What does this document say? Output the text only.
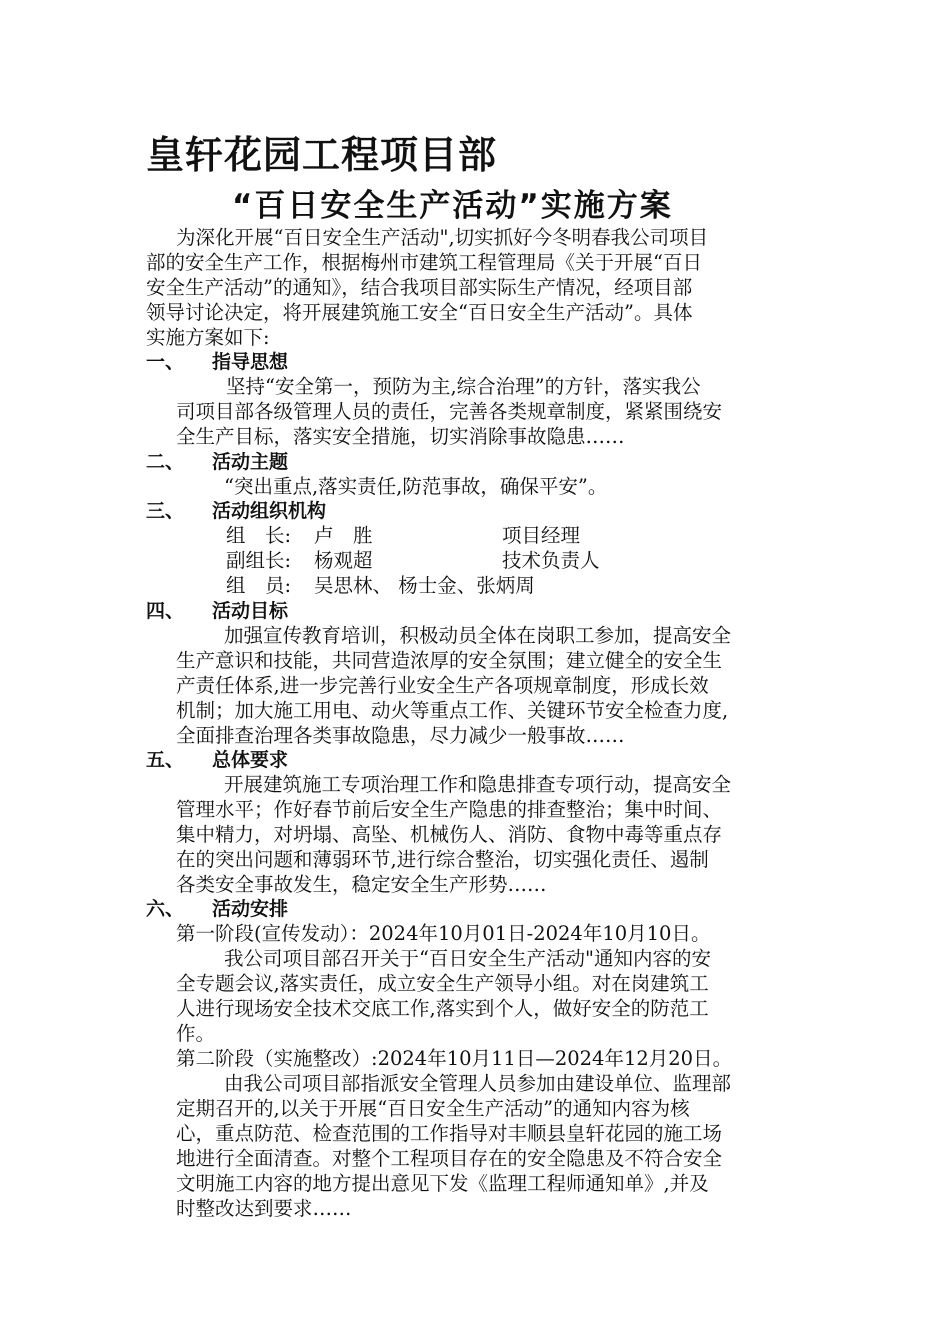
皇轩花园工程项目部
“百日安全生产活动”实施方案
为深化开展“百日安全生产活动",切实抓好今冬明春我公司项目
部的安全生产工作，根据梅州市建筑工程管理局《关于开展“百日
安全生产活动”的通知》，结合我项目部实际生产情况，经项目部
领导讨论决定，将开展建筑施工安全“百日安全生产活动”。具体
实施方案如下:
一、 指导思想
坚持“安全第一，预防为主,综合治理”的方针，落实我公
司项目部各级管理人员的责任，完善各类规章制度，紧紧围绕安
全生产目标，落实安全措施，切实消除事故隐患……
二、 活动主题
“突出重点,落实责任,防范事故，确保平安”。
三、 活动组织机构
组　长: 卢　胜	项目经理
副组长: 杨观超	技术负责人
组　员: 吴思林、 杨士金、张炳周
四、 活动目标
加强宣传教育培训，积极动员全体在岗职工参加，提高安全
生产意识和技能，共同营造浓厚的安全氛围；建立健全的安全生
产责任体系,进一步完善行业安全生产各项规章制度，形成长效
机制；加大施工用电、动火等重点工作、关键环节安全检查力度,
全面排查治理各类事故隐患，尽力减少一般事故……
五、 总体要求
开展建筑施工专项治理工作和隐患排查专项行动，提高安全
管理水平；作好春节前后安全生产隐患的排查整治；集中时间、
集中精力，对坍塌、高坠、机械伤人、消防、食物中毒等重点存
在的突出问题和薄弱环节,进行综合整治，切实强化责任、遏制
各类安全事故发生，稳定安全生产形势……
六、 活动安排
第一阶段(宣传发动）：2024年10月01日-2024年10月10日。
我公司项目部召开关于“百日安全生产活动"通知内容的安
全专题会议,落实责任，成立安全生产领导小组。对在岗建筑工
人进行现场安全技术交底工作,落实到个人，做好安全的防范工
作。
第二阶段（实施整改）:2024年10月11日—2024年12月20日。
由我公司项目部指派安全管理人员参加由建设单位、监理部
定期召开的,以关于开展“百日安全生产活动”的通知内容为核
心，重点防范、检查范围的工作指导对丰顺县皇轩花园的施工场
地进行全面清查。对整个工程项目存在的安全隐患及不符合安全
文明施工内容的地方提出意见下发《监理工程师通知单》,并及
时整改达到要求……
